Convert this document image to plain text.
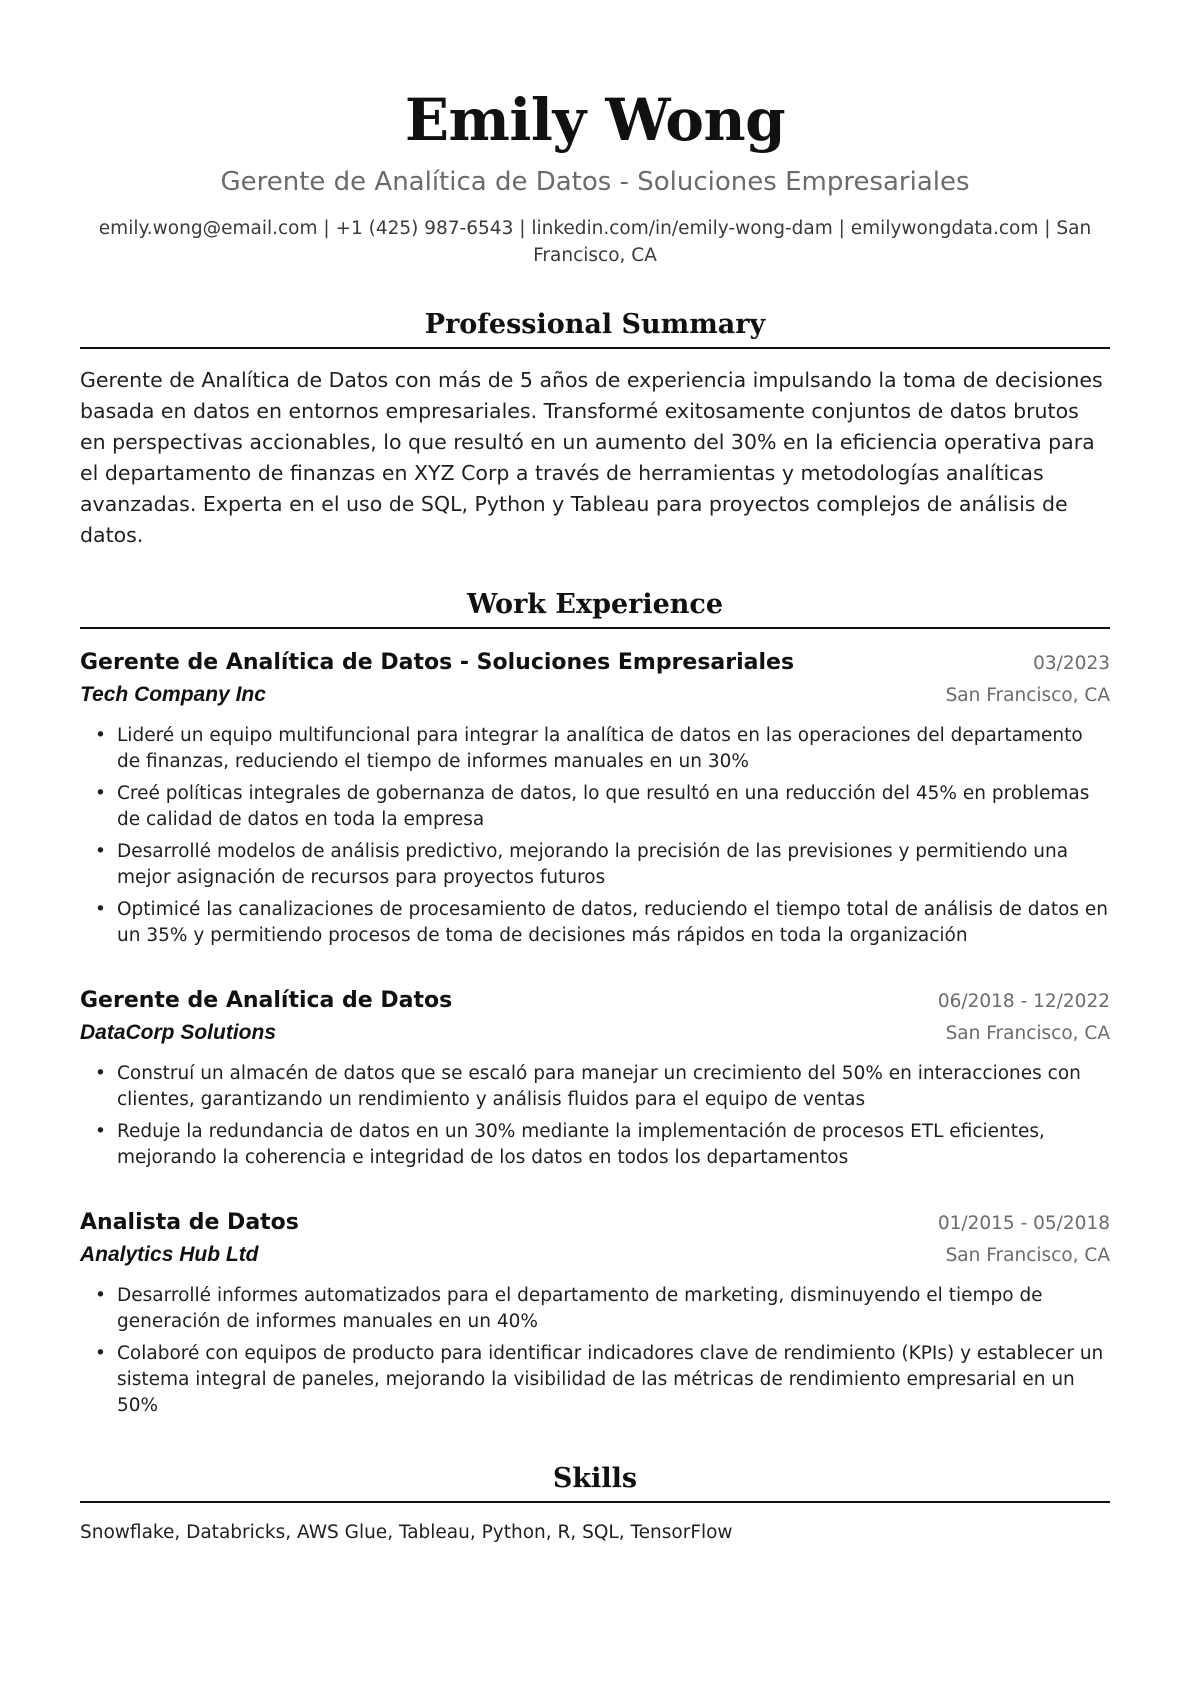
Emily Wong
Gerente de Analítica de Datos - Soluciones Empresariales
emily.wong@email.com | +1 (425) 987-6543 | linkedin.com/in/emily-wong-dam | emilywongdata.com | San Francisco, CA
Professional Summary
Gerente de Analítica de Datos con más de 5 años de experiencia impulsando la toma de decisiones basada en datos en entornos empresariales. Transformé exitosamente conjuntos de datos brutos en perspectivas accionables, lo que resultó en un aumento del 30% en la eficiencia operativa para el departamento de finanzas en XYZ Corp a través de herramientas y metodologías analíticas avanzadas. Experta en el uso de SQL, Python y Tableau para proyectos complejos de análisis de datos.
Work Experience
Gerente de Analítica de Datos - Soluciones Empresariales	03/2023
Tech Company Inc	San Francisco, CA
• Lideré un equipo multifuncional para integrar la analítica de datos en las operaciones del departamento de finanzas, reduciendo el tiempo de informes manuales en un 30%
• Creé políticas integrales de gobernanza de datos, lo que resultó en una reducción del 45% en problemas de calidad de datos en toda la empresa
• Desarrollé modelos de análisis predictivo, mejorando la precisión de las previsiones y permitiendo una mejor asignación de recursos para proyectos futuros
• Optimicé las canalizaciones de procesamiento de datos, reduciendo el tiempo total de análisis de datos en un 35% y permitiendo procesos de toma de decisiones más rápidos en toda la organización
Gerente de Analítica de Datos	06/2018 - 12/2022
DataCorp Solutions	San Francisco, CA
• Construí un almacén de datos que se escaló para manejar un crecimiento del 50% en interacciones con clientes, garantizando un rendimiento y análisis fluidos para el equipo de ventas
• Reduje la redundancia de datos en un 30% mediante la implementación de procesos ETL eficientes, mejorando la coherencia e integridad de los datos en todos los departamentos
Analista de Datos	01/2015 - 05/2018
Analytics Hub Ltd	San Francisco, CA
• Desarrollé informes automatizados para el departamento de marketing, disminuyendo el tiempo de generación de informes manuales en un 40%
• Colaboré con equipos de producto para identificar indicadores clave de rendimiento (KPIs) y establecer un sistema integral de paneles, mejorando la visibilidad de las métricas de rendimiento empresarial en un 50%
Skills
Snowflake, Databricks, AWS Glue, Tableau, Python, R, SQL, TensorFlow
